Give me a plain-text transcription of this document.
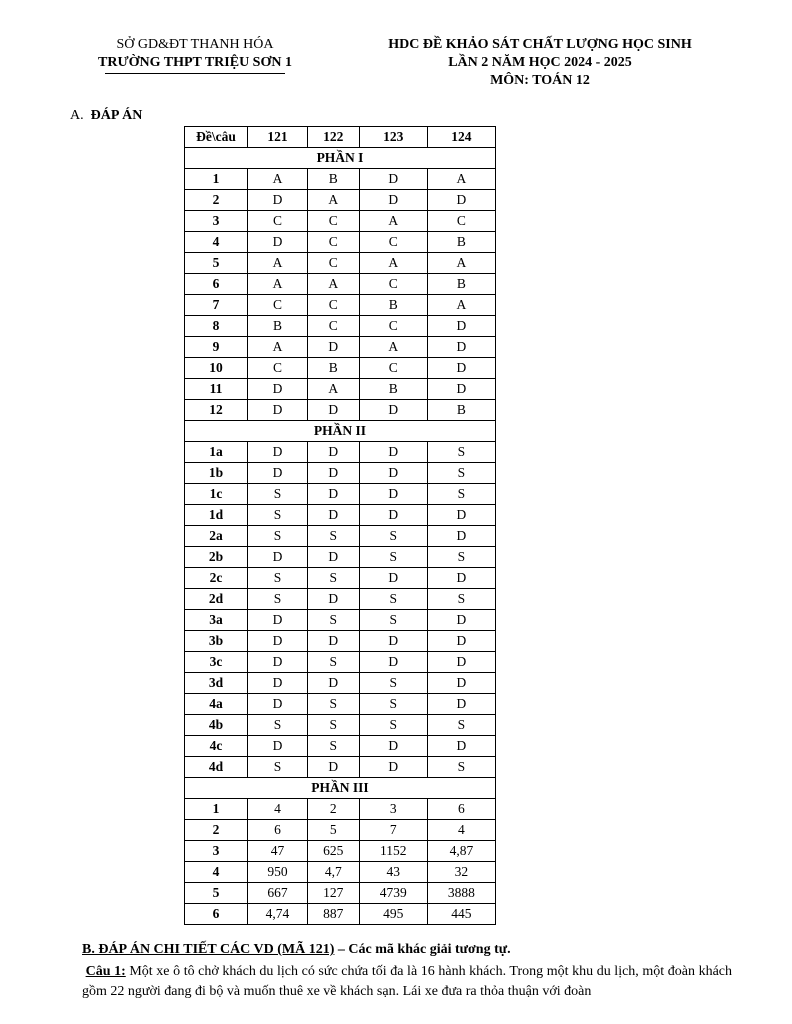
SỞ GD&ĐT THANH HÓA
TRƯỜNG THPT TRIỆU SƠN 1
HDC ĐỀ KHẢO SÁT CHẤT LƯỢNG HỌC SINH
LẦN 2 NĂM HỌC 2024 - 2025
MÔN: TOÁN 12
A. ĐÁP ÁN
Đề\câu	121	122	123	124
PHẦN I				
1	A	B	D	A
2	D	A	D	D
3	C	C	A	C
4	D	C	C	B
5	A	C	A	A
6	A	A	C	B
7	C	C	B	A
8	B	C	C	D
9	A	D	A	D
10	C	B	C	D
11	D	A	B	D
12	D	D	D	B
PHẦN II				
1a	D	D	D	S
1b	D	D	D	S
1c	S	D	D	S
1d	S	D	D	D
2a	S	S	S	D
2b	D	D	S	S
2c	S	S	D	D
2d	S	D	S	S
3a	D	S	S	D
3b	D	D	D	D
3c	D	S	D	D
3d	D	D	S	D
4a	D	S	S	D
4b	S	S	S	S
4c	D	S	D	D
4d	S	D	D	S
PHẦN III				
1	4	2	3	6
2	6	5	7	4
3	47	625	1152	4,87
4	950	4,7	43	32
5	667	127	4739	3888
6	4,74	887	495	445
B. ĐÁP ÁN CHI TIẾT CÁC VD (MÃ 121) – Các mã khác giải tương tự.
Câu 1: Một xe ô tô chở khách du lịch có sức chứa tối đa là 16 hành khách. Trong một khu du lịch, một đoàn khách gồm 22 người đang đi bộ và muốn thuê xe về khách sạn. Lái xe đưa ra thỏa thuận với đoàn
